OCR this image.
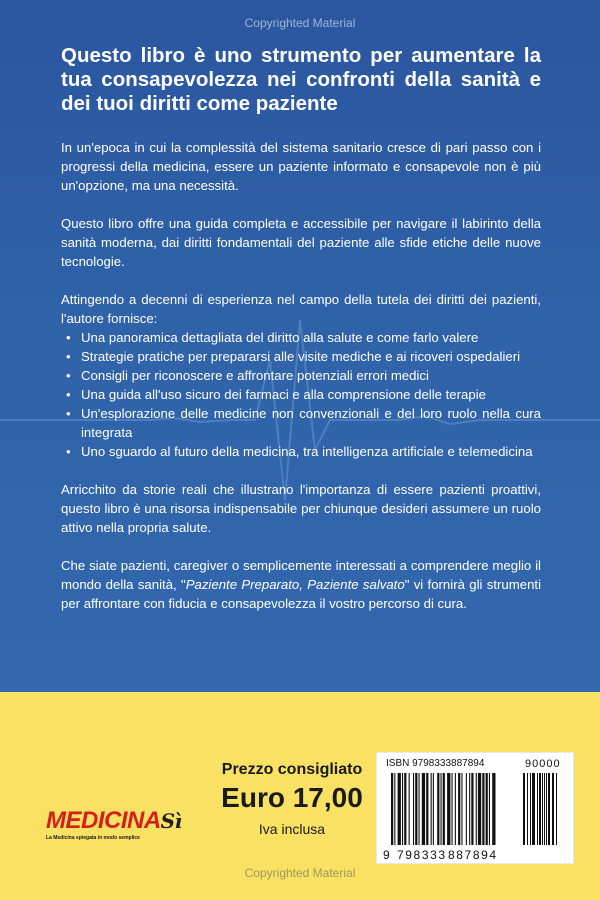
Copyrighted Material
Questo libro è uno strumento per aumentare la tua consapevolezza nei confronti della sanità e dei tuoi diritti come paziente

In un'epoca in cui la complessità del sistema sanitario cresce di pari passo con i progressi della medicina, essere un paziente informato e consapevole non è più un'opzione, ma una necessità.

Questo libro offre una guida completa e accessibile per navigare il labirinto della sanità moderna, dai diritti fondamentali del paziente alle sfide etiche delle nuove tecnologie.

Attingendo a decenni di esperienza nel campo della tutela dei diritti dei pazienti, l'autore fornisce:

• Una panoramica dettagliata del diritto alla salute e come farlo valere
• Strategie pratiche per prepararsi alle visite mediche e ai ricoveri ospedalieri
• Consigli per riconoscere e affrontare potenziali errori medici
• Una guida all'uso sicuro dei farmaci e alla comprensione delle terapie
• Un'esplorazione delle medicine non convenzionali e del loro ruolo nella cura integrata
• Uno sguardo al futuro della medicina, tra intelligenza artificiale e telemedicina

Arricchito da storie reali che illustrano l'importanza di essere pazienti proattivi, questo libro è una risorsa indispensabile per chiunque desideri assumere un ruolo attivo nella propria salute.

Che siate pazienti, caregiver o semplicemente interessati a comprendere meglio il mondo della sanità, "Paziente Preparato, Paziente salvato" vi fornirà gli strumenti per affrontare con fiducia e consapevolezza il vostro percorso di cura.

MEDICINASì
La Medicina spiegata in modo semplice
Prezzo consigliato
Euro 17,00
Iva inclusa
ISBN 9798333887894	90000
9 798333 887894
Copyrighted Material
